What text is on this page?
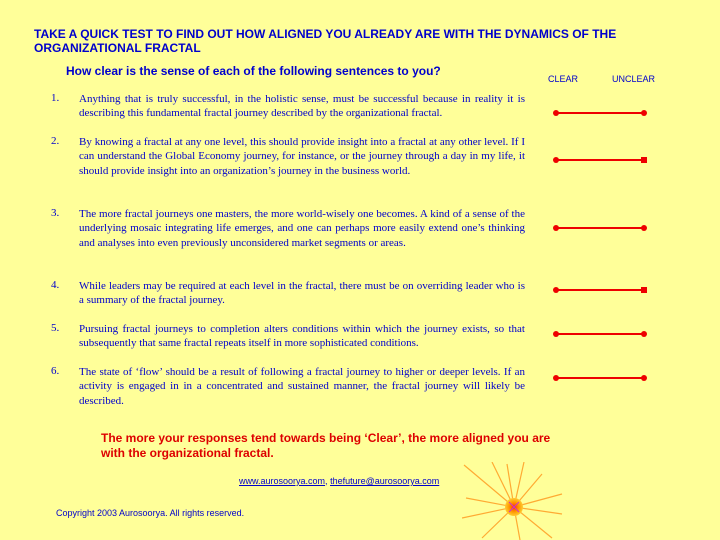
TAKE A QUICK TEST TO FIND OUT HOW ALIGNED YOU ALREADY ARE WITH THE DYNAMICS OF THE ORGANIZATIONAL FRACTAL
How clear is the sense of each of the following sentences to you?
CLEAR	UNCLEAR
1.	Anything that is truly successful, in the holistic sense, must be successful because in reality it is describing this fundamental fractal journey described by the organizational fractal.
2.	By knowing a fractal at any one level, this should provide insight into a fractal at any other level. If I can understand the Global Economy journey, for instance, or the journey through a day in my life, it should provide insight into an organization’s journey in the business world.
3.	The more fractal journeys one masters, the more world-wisely one becomes. A kind of a sense of the underlying mosaic integrating life emerges, and one can perhaps more easily extend one’s thinking and analyses into even previously unconsidered market segments or areas.
4.	While leaders may be required at each level in the fractal, there must be on overriding leader who is a summary of the fractal journey.
5.	Pursuing fractal journeys to completion alters conditions within which the journey exists, so that subsequently that same fractal repeats itself in more sophisticated conditions.
6.	The state of ‘flow’ should be a result of following a fractal journey to higher or deeper levels. If an activity is engaged in in a concentrated and sustained manner, the fractal journey will likely be described.
The more your responses tend towards being ‘Clear’, the more aligned you are with the organizational fractal.
www.aurosoorya.com, thefuture@aurosoorya.com
Copyright 2003 Aurosoorya. All rights reserved.
